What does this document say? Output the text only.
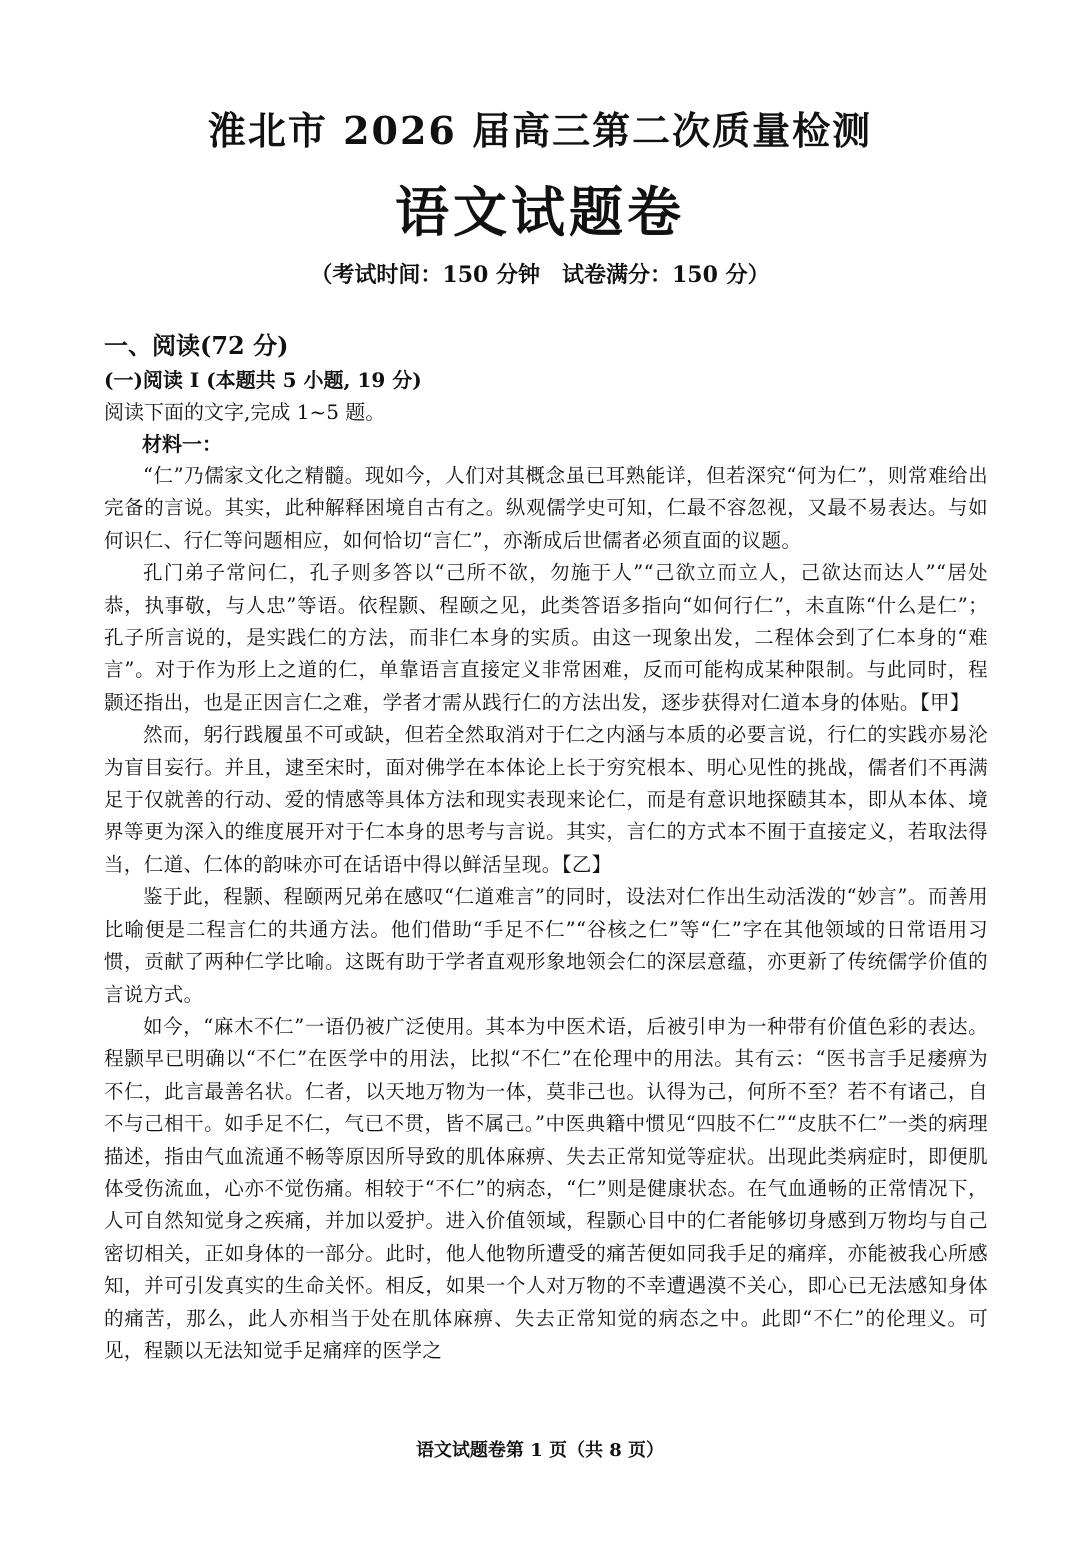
淮北市 2026 届高三第二次质量检测
语文试题卷
（考试时间：150 分钟　试卷满分：150 分）

一、阅读(72 分)

(一)阅读 I (本题共 5 小题, 19 分)

阅读下面的文字,完成 1~5 题。

材料一：

“仁”乃儒家文化之精髓。现如今，人们对其概念虽已耳熟能详，但若深究“何为仁”，则常难给出完备的言说。其实，此种解释困境自古有之。纵观儒学史可知，仁最不容忽视，又最不易表达。与如何识仁、行仁等问题相应，如何恰切“言仁”，亦渐成后世儒者必须直面的议题。

孔门弟子常问仁，孔子则多答以“己所不欲，勿施于人”“己欲立而立人，己欲达而达人”“居处恭，执事敬，与人忠”等语。依程颢、程颐之见，此类答语多指向“如何行仁”，未直陈“什么是仁”；孔子所言说的，是实践仁的方法，而非仁本身的实质。由这一现象出发，二程体会到了仁本身的“难言”。对于作为形上之道的仁，单靠语言直接定义非常困难，反而可能构成某种限制。与此同时，程颢还指出，也是正因言仁之难，学者才需从践行仁的方法出发，逐步获得对仁道本身的体贴。【甲】

然而，躬行践履虽不可或缺，但若全然取消对于仁之内涵与本质的必要言说，行仁的实践亦易沦为盲目妄行。并且，逮至宋时，面对佛学在本体论上长于穷究根本、明心见性的挑战，儒者们不再满足于仅就善的行动、爱的情感等具体方法和现实表现来论仁，而是有意识地探赜其本，即从本体、境界等更为深入的维度展开对于仁本身的思考与言说。其实，言仁的方式本不囿于直接定义，若取法得当，仁道、仁体的韵味亦可在话语中得以鲜活呈现。【乙】

鉴于此，程颢、程颐两兄弟在感叹“仁道难言”的同时，设法对仁作出生动活泼的“妙言”。而善用比喻便是二程言仁的共通方法。他们借助“手足不仁”“谷核之仁”等“仁”字在其他领域的日常语用习惯，贡献了两种仁学比喻。这既有助于学者直观形象地领会仁的深层意蕴，亦更新了传统儒学价值的言说方式。

如今，“麻木不仁”一语仍被广泛使用。其本为中医术语，后被引申为一种带有价值色彩的表达。程颢早已明确以“不仁”在医学中的用法，比拟“不仁”在伦理中的用法。其有云：“医书言手足痿痹为不仁，此言最善名状。仁者，以天地万物为一体，莫非己也。认得为己，何所不至？若不有诸己，自不与己相干。如手足不仁，气已不贯，皆不属己。”中医典籍中惯见“四肢不仁”“皮肤不仁”一类的病理描述，指由气血流通不畅等原因所导致的肌体麻痹、失去正常知觉等症状。出现此类病症时，即便肌体受伤流血，心亦不觉伤痛。相较于“不仁”的病态，“仁”则是健康状态。在气血通畅的正常情况下，人可自然知觉身之疾痛，并加以爱护。进入价值领域，程颢心目中的仁者能够切身感到万物均与自己密切相关，正如身体的一部分。此时，他人他物所遭受的痛苦便如同我手足的痛痒，亦能被我心所感知，并可引发真实的生命关怀。相反，如果一个人对万物的不幸遭遇漠不关心，即心已无法感知身体的痛苦，那么，此人亦相当于处在肌体麻痹、失去正常知觉的病态之中。此即“不仁”的伦理义。可见，程颢以无法知觉手足痛痒的医学之

语文试题卷第 1 页（共 8 页）
